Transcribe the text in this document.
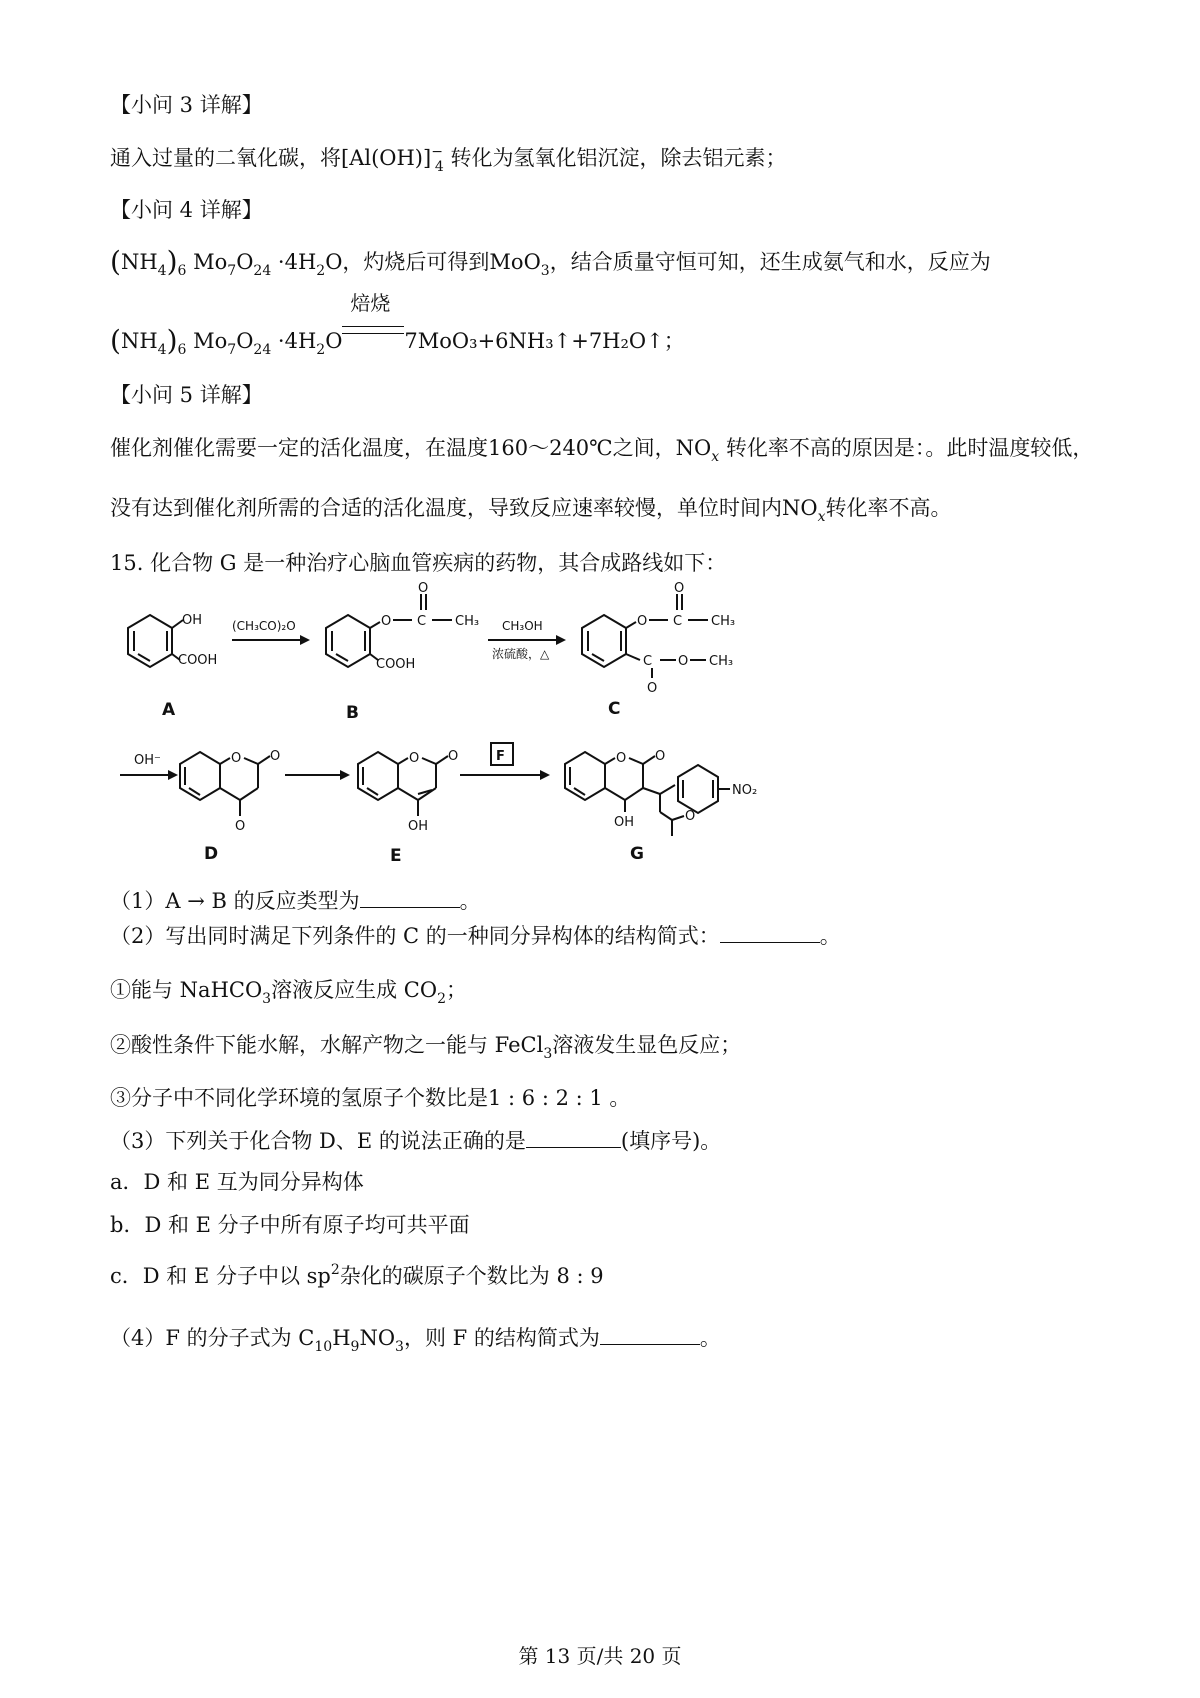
【小问 3 详解】
通入过量的二氧化碳，将$[Al(OH)]^-_4$ 转化为氢氧化铝沉淀，除去铝元素；
【小问 4 详解】
$(NH_4)_6$ $Mo_7O_{24} \cdot 4H_2O$，灼烧后可得到MoO$_3$，结合质量守恒可知，还生成氨气和水，反应为
$(NH_4)_6$ $Mo_7O_{24} \cdot 4H_2O$
焙烧
7MoO₃+6NH₃↑+7H₂O↑；
【小问 5 详解】
催化剂催化需要一定的活化温度，在温度160～240℃之间，$NO_x$ 转化率不高的原因是：。此时温度较低，
没有达到催化剂所需的合适的活化温度，导致反应速率较慢，单位时间内$NO_x$转化率不高。
15. 化合物 G 是一种治疗心脑血管疾病的药物，其合成路线如下：
OH
COOH
A
(CH₃CO)₂O	O C
O
CH₃
COOH
B
CH₃OH
浓硫酸，△
O C
O
CH₃
C O CH₃
O
C
OH⁻	O O
O
D
O O
OH
E
F	O O
OH	O
NO₂
G
（1）A → B 的反应类型为	。
（2）写出同时满足下列条件的 C 的一种同分异构体的结构简式：	。
①能与 NaHCO$_3$溶液反应生成 $CO_2$；
②酸性条件下能水解，水解产物之一能与 FeCl$_3$溶液发生显色反应；
③分子中不同化学环境的氢原子个数比是1 : 6 : 2 : 1 。
（3）下列关于化合物 D、E 的说法正确的是	(填序号)。
a．D 和 E 互为同分异构体
b．D 和 E 分子中所有原子均可共平面
c．D 和 E 分子中以 $sp^2$杂化的碳原子个数比为 8 : 9
（4）F 的分子式为 $C_{10}H_9NO_3$，则 F 的结构简式为	。
第 13 页/共 20 页
